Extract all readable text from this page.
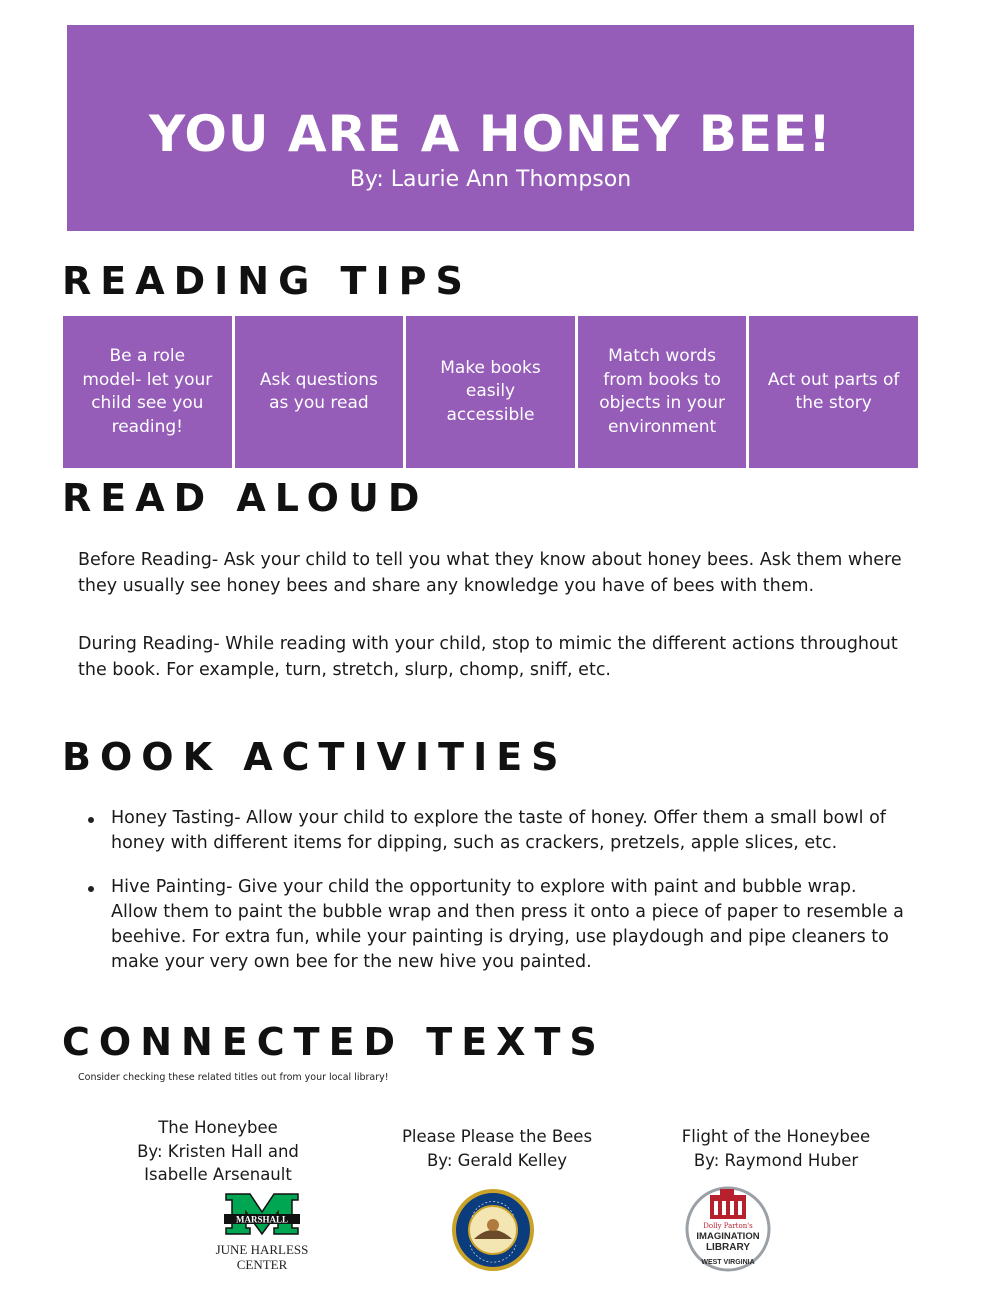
YOU ARE A HONEY BEE!
By: Laurie Ann Thompson
READING TIPS
Be a role model- let your child see you reading!
Ask questions as you read
Make books easily accessible
Match words from books to objects in your environment
Act out parts of the story
READ ALOUD

Before Reading- Ask your child to tell you what they know about honey bees. Ask them where they usually see honey bees and share any knowledge you have of bees with them.

During Reading- While reading with your child, stop to mimic the different actions throughout the book. For example, turn, stretch, slurp, chomp, sniff, etc.

BOOK ACTIVITIES
Honey Tasting- Allow your child to explore the taste of honey. Offer them a small bowl of honey with different items for dipping, such as crackers, pretzels, apple slices, etc.
Hive Painting- Give your child the opportunity to explore with paint and bubble wrap. Allow them to paint the bubble wrap and then press it onto a piece of paper to resemble a beehive. For extra fun, while your painting is drying, use playdough and pipe cleaners to make your very own bee for the new hive you painted.
CONNECTED TEXTS

Consider checking these related titles out from your local library!

The Honeybee
By: Kristen Hall and Isabelle Arsenault
Please Please the Bees
By: Gerald Kelley
Flight of the Honeybee
By: Raymond Huber
MARSHALL
JUNE HARLESS
CENTER
Dolly Parton's
IMAGINATION
LIBRARY
WEST VIRGINIA
